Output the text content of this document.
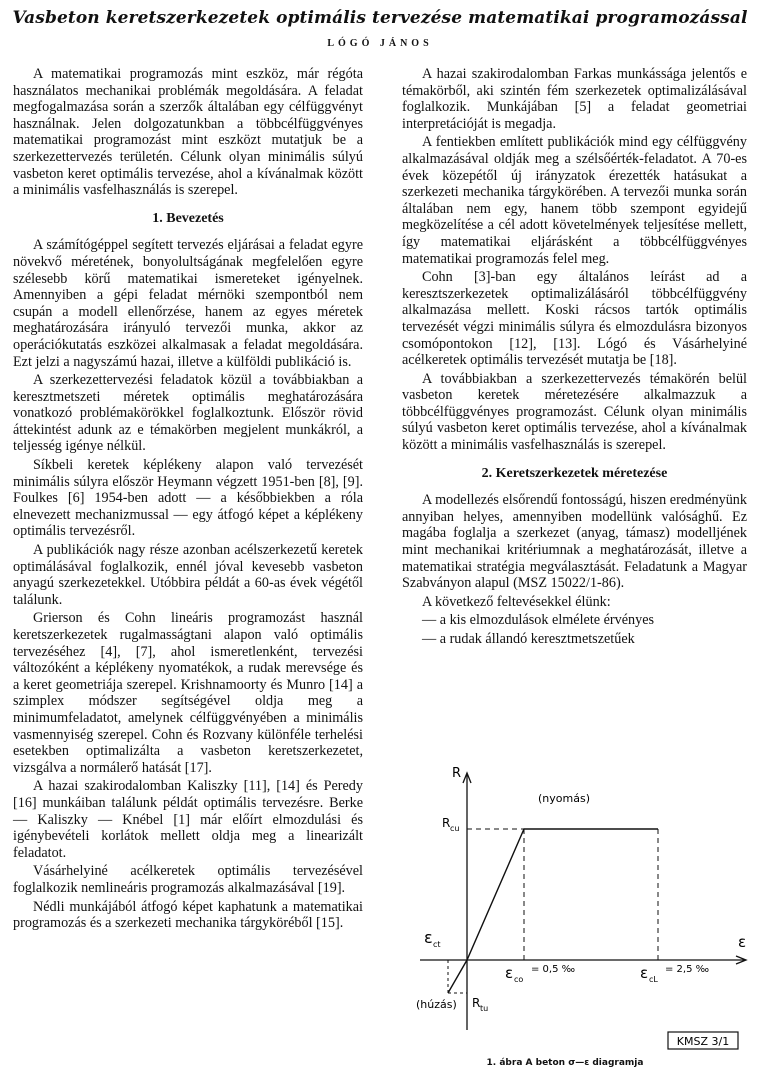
Vasbeton keretszerkezetek optimális tervezése matematikai programozással
LÓGÓ JÁNOS

A matematikai programozás mint eszköz, már régóta használatos mechanikai problémák megoldására. A feladat megfogalmazása során a szerzők általában egy célfüggvényt használnak. Jelen dolgozatunkban a többcélfüggvényes matematikai programozást mint eszközt mutatjuk be a szerkezettervezés területén. Célunk olyan minimális súlyú vasbeton keret optimális tervezése, ahol a kívánalmak között a minimális vasfelhasználás is szerepel.

1. Bevezetés

A számítógéppel segített tervezés eljárásai a feladat egyre növekvő méretének, bonyolultságának megfelelően egyre szélesebb körű matematikai ismereteket igényelnek. Amennyiben a gépi feladat mérnöki szempontból nem csupán a modell ellenőrzése, hanem az egyes méretek meghatározására irányuló tervezői munka, akkor az operációkutatás eszközei alkalmasak a feladat megoldására. Ezt jelzi a nagyszámú hazai, illetve a külföldi publikáció is.

A szerkezettervezési feladatok közül a továbbiakban a keresztmetszeti méretek optimális meghatározására vonatkozó problémakörökkel foglalkoztunk. Először rövid áttekintést adunk az e témakörben megjelent munkákról, a teljesség igénye nélkül.

Síkbeli keretek képlékeny alapon való tervezését minimális súlyra először Heymann végzett 1951-ben [8], [9]. Foulkes [6] 1954-ben adott — a későbbiekben a róla elnevezett mechanizmussal — egy átfogó képet a képlékeny optimális tervezésről.

A publikációk nagy része azonban acélszerkezetű keretek optimálásával foglalkozik, ennél jóval kevesebb vasbeton anyagú szerkezetekkel. Utóbbira példát a 60-as évek végétől találunk.

Grierson és Cohn lineáris programozást használ keretszerkezetek rugalmasságtani alapon való optimális tervezéséhez [4], [7], ahol ismeretlenként, tervezési változóként a képlékeny nyomatékok, a rudak merevsége és a keret geometriája szerepel. Krishnamoorty és Munro [14] a szimplex módszer segítségével oldja meg a minimumfeladatot, amelynek célfüggvényében a minimális vasmennyiség szerepel. Cohn és Rozvany különféle terhelési esetekben optimalizálta a vasbeton keretszerkezetet, vizsgálva a normálerő hatását [17].

A hazai szakirodalomban Kaliszky [11], [14] és Peredy [16] munkáiban találunk példát optimális tervezésre. Berke — Kaliszky — Knébel [1] már előírt elmozdulási és igénybevételi korlátok mellett oldja meg a linearizált feladatot.

Vásárhelyiné acélkeretek optimális tervezésével foglalkozik nemlineáris programozás alkalmazásával [19].

Nédli munkájából átfogó képet kaphatunk a matematikai programozás és a szerkezeti mechanika tárgyköréből [15].

A hazai szakirodalomban Farkas munkássága jelentős e témakörből, aki szintén fém szerkezetek optimalizálásával foglalkozik. Munkájában [5] a feladat geometriai interpretációját is megadja.

A fentiekben említett publikációk mind egy célfüggvény alkalmazásával oldják meg a szélsőérték-feladatot. A 70-es évek közepétől új irányzatok érezették hatásukat a szerkezeti mechanika tárgykörében. A tervezői munka során általában nem egy, hanem több szempont egyidejű megközelítése a cél adott követelmények teljesítése mellett, így matematikai eljárásként a többcélfüggvényes matematikai programozás felel meg.

Cohn [3]-ban egy általános leírást ad a keresztszerkezetek optimalizálásáról többcélfüggvény alkalmazása mellett. Koski rácsos tartók optimális tervezését végzi minimális súlyra és elmozdulásra bizonyos csomópontokon [12], [13]. Lógó és Vásárhelyiné acélkeretek optimális tervezését mutatja be [18].

A továbbiakban a szerkezettervezés témakörén belül vasbeton keretek méretezésére alkalmazzuk a többcélfüggvényes programozást. Célunk olyan minimális súlyú vasbeton keret optimális tervezése, ahol a kívánalmak között a minimális vasfelhasználás is szerepel.

2. Keretszerkezetek méretezése

A modellezés elsőrendű fontosságú, hiszen eredményünk annyiban helyes, amennyiben modellünk valósághű. Ez magába foglalja a szerkezet (anyag, támasz) modelljének mint mechanikai kritériumnak a meghatározását, illetve a matematikai stratégia megválasztását. Feladatunk a Magyar Szabványon alapul (MSZ 15022/1-86).

A következő feltevésekkel élünk:

— a kis elmozdulások elmélete érvényes

— a rudak állandó keresztmetszetűek

R
ε
(nyomás)
(húzás)
R cu
R tu
ε ct
ε co
= 0,5 ‰	ε cL
= 2,5 ‰
KMSZ 3/1
1. ábra A beton σ—ε diagramja
